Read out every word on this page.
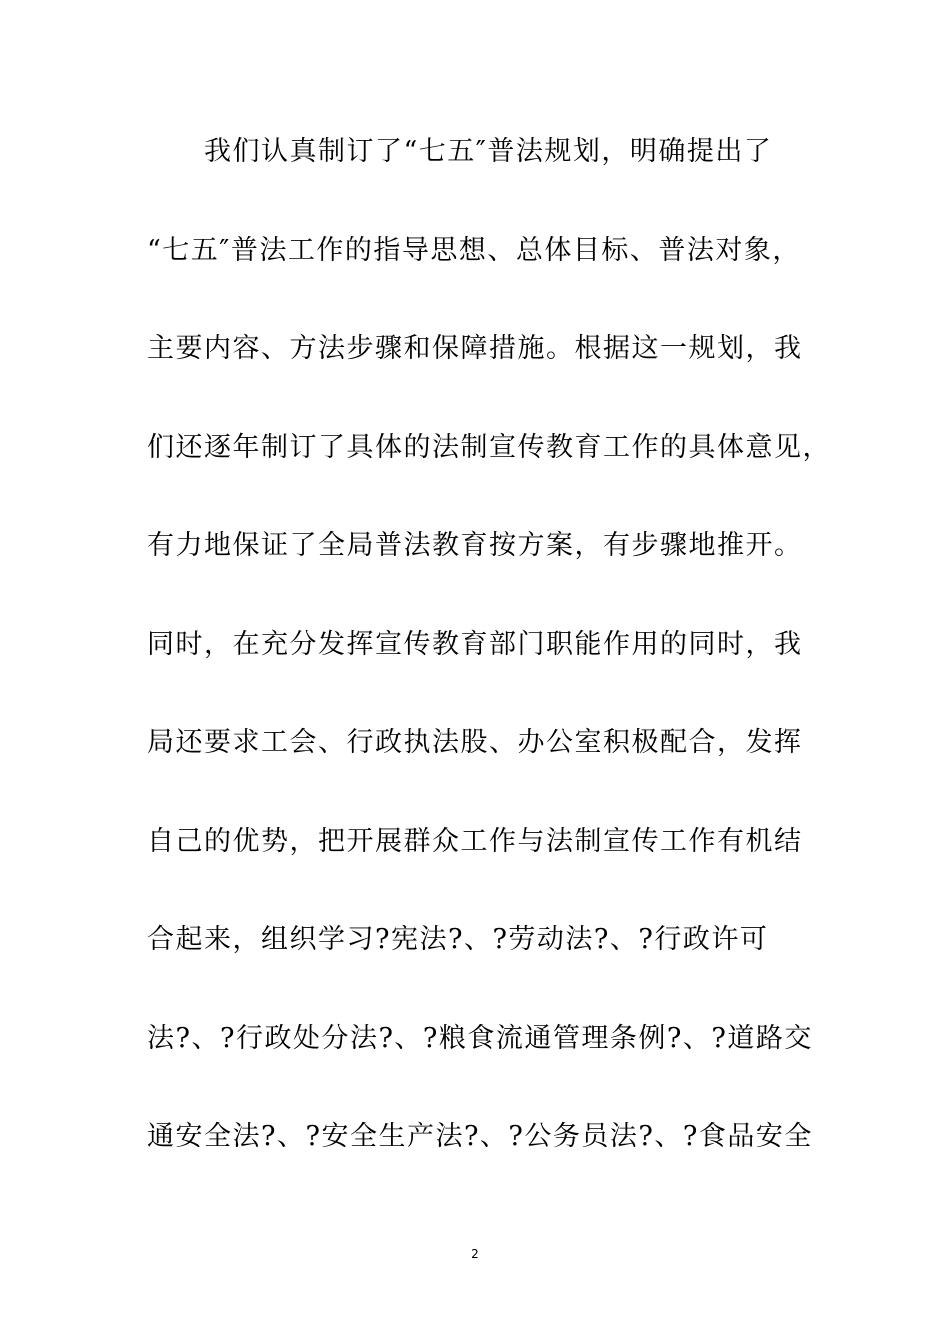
我们认真制订了“七五″普法规划，明确提出了
“七五″普法工作的指导思想、总体目标、普法对象，
主要内容、方法步骤和保障措施。根据这一规划，我
们还逐年制订了具体的法制宣传教育工作的具体意见，
有力地保证了全局普法教育按方案，有步骤地推开。
同时，在充分发挥宣传教育部门职能作用的同时，我
局还要求工会、行政执法股、办公室积极配合，发挥
自己的优势，把开展群众工作与法制宣传工作有机结
合起来，组织学习?宪法?、?劳动法?、?行政许可
法?、?行政处分法?、?粮食流通管理条例?、?道路交
通安全法?、?安全生产法?、?公务员法?、?食品安全
2
